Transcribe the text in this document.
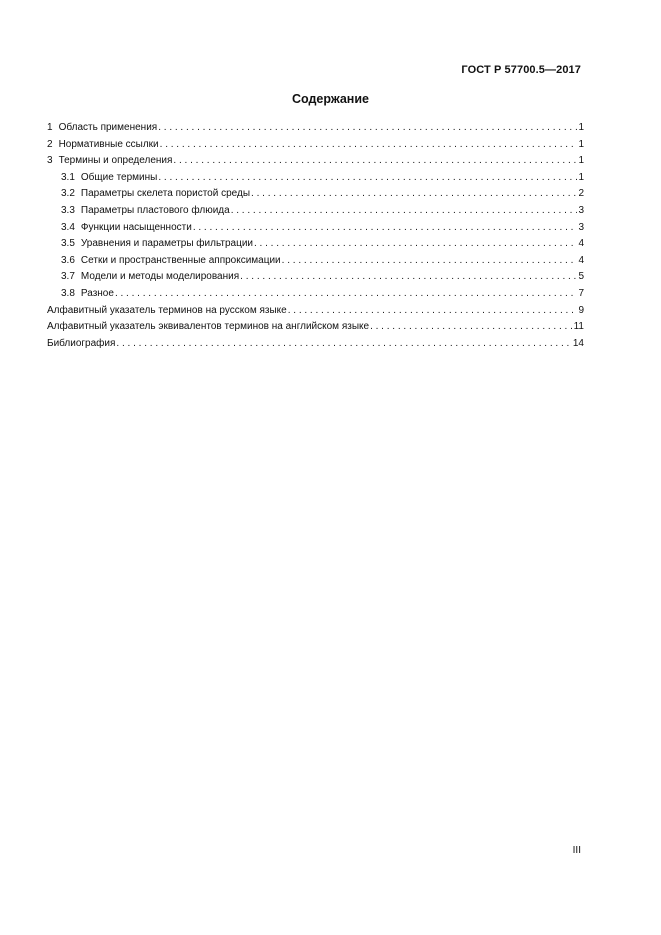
ГОСТ Р 57700.5—2017
Содержание
1 Область применения . . .	1
2 Нормативные ссылки . . .	1
3 Термины и определения . . .	1
3.1 Общие термины . . .	1
3.2 Параметры скелета пористой среды . . .	2
3.3 Параметры пластового флюида . . .	3
3.4 Функции насыщенности . . .	3
3.5 Уравнения и параметры фильтрации . . .	4
3.6 Сетки и пространственные аппроксимации . . .	4
3.7 Модели и методы моделирования . . .	5
3.8 Разное . . .	7
Алфавитный указатель терминов на русском языке . . .	9
Алфавитный указатель эквивалентов терминов на английском языке . . .	11
Библиография . . .	14
III
